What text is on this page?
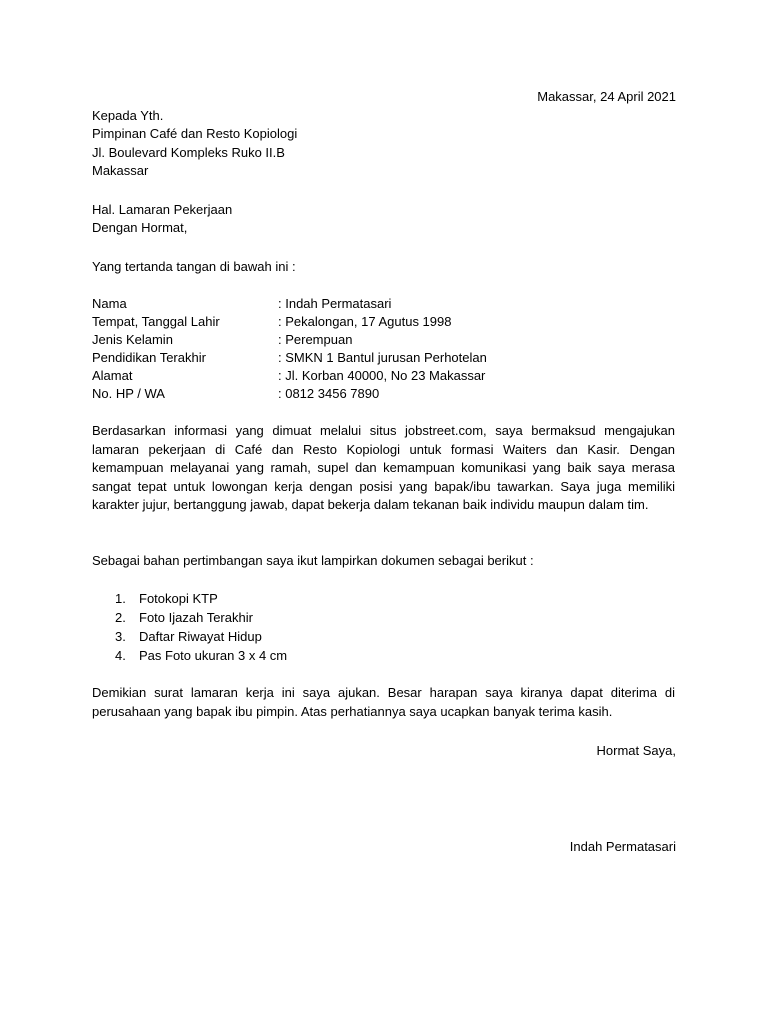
Makassar, 24 April 2021
Kepada Yth.
Pimpinan Café dan Resto Kopiologi
Jl. Boulevard Kompleks Ruko II.B
Makassar
Hal. Lamaran Pekerjaan
Dengan Hormat,
Yang tertanda tangan di bawah ini :
Nama	: Indah Permatasari
Tempat, Tanggal Lahir	: Pekalongan, 17 Agutus 1998
Jenis Kelamin	: Perempuan
Pendidikan Terakhir	: SMKN 1 Bantul jurusan Perhotelan
Alamat	: Jl. Korban 40000, No 23 Makassar
No. HP / WA	: 0812 3456 7890
Berdasarkan informasi yang dimuat melalui situs jobstreet.com, saya bermaksud mengajukan lamaran pekerjaan di Café dan Resto Kopiologi untuk formasi Waiters dan Kasir. Dengan kemampuan melayanai yang ramah, supel dan kemampuan komunikasi yang baik saya merasa sangat tepat untuk lowongan kerja dengan posisi yang bapak/ibu tawarkan. Saya juga memiliki karakter jujur, bertanggung jawab, dapat bekerja dalam tekanan baik individu maupun dalam tim.
Sebagai bahan pertimbangan saya ikut lampirkan dokumen sebagai berikut :
1. Fotokopi KTP
2. Foto Ijazah Terakhir
3. Daftar Riwayat Hidup
4. Pas Foto ukuran 3 x 4 cm
Demikian surat lamaran kerja ini saya ajukan. Besar harapan saya kiranya dapat diterima di perusahaan yang bapak ibu pimpin. Atas perhatiannya saya ucapkan banyak terima kasih.
Hormat Saya,
Indah Permatasari
